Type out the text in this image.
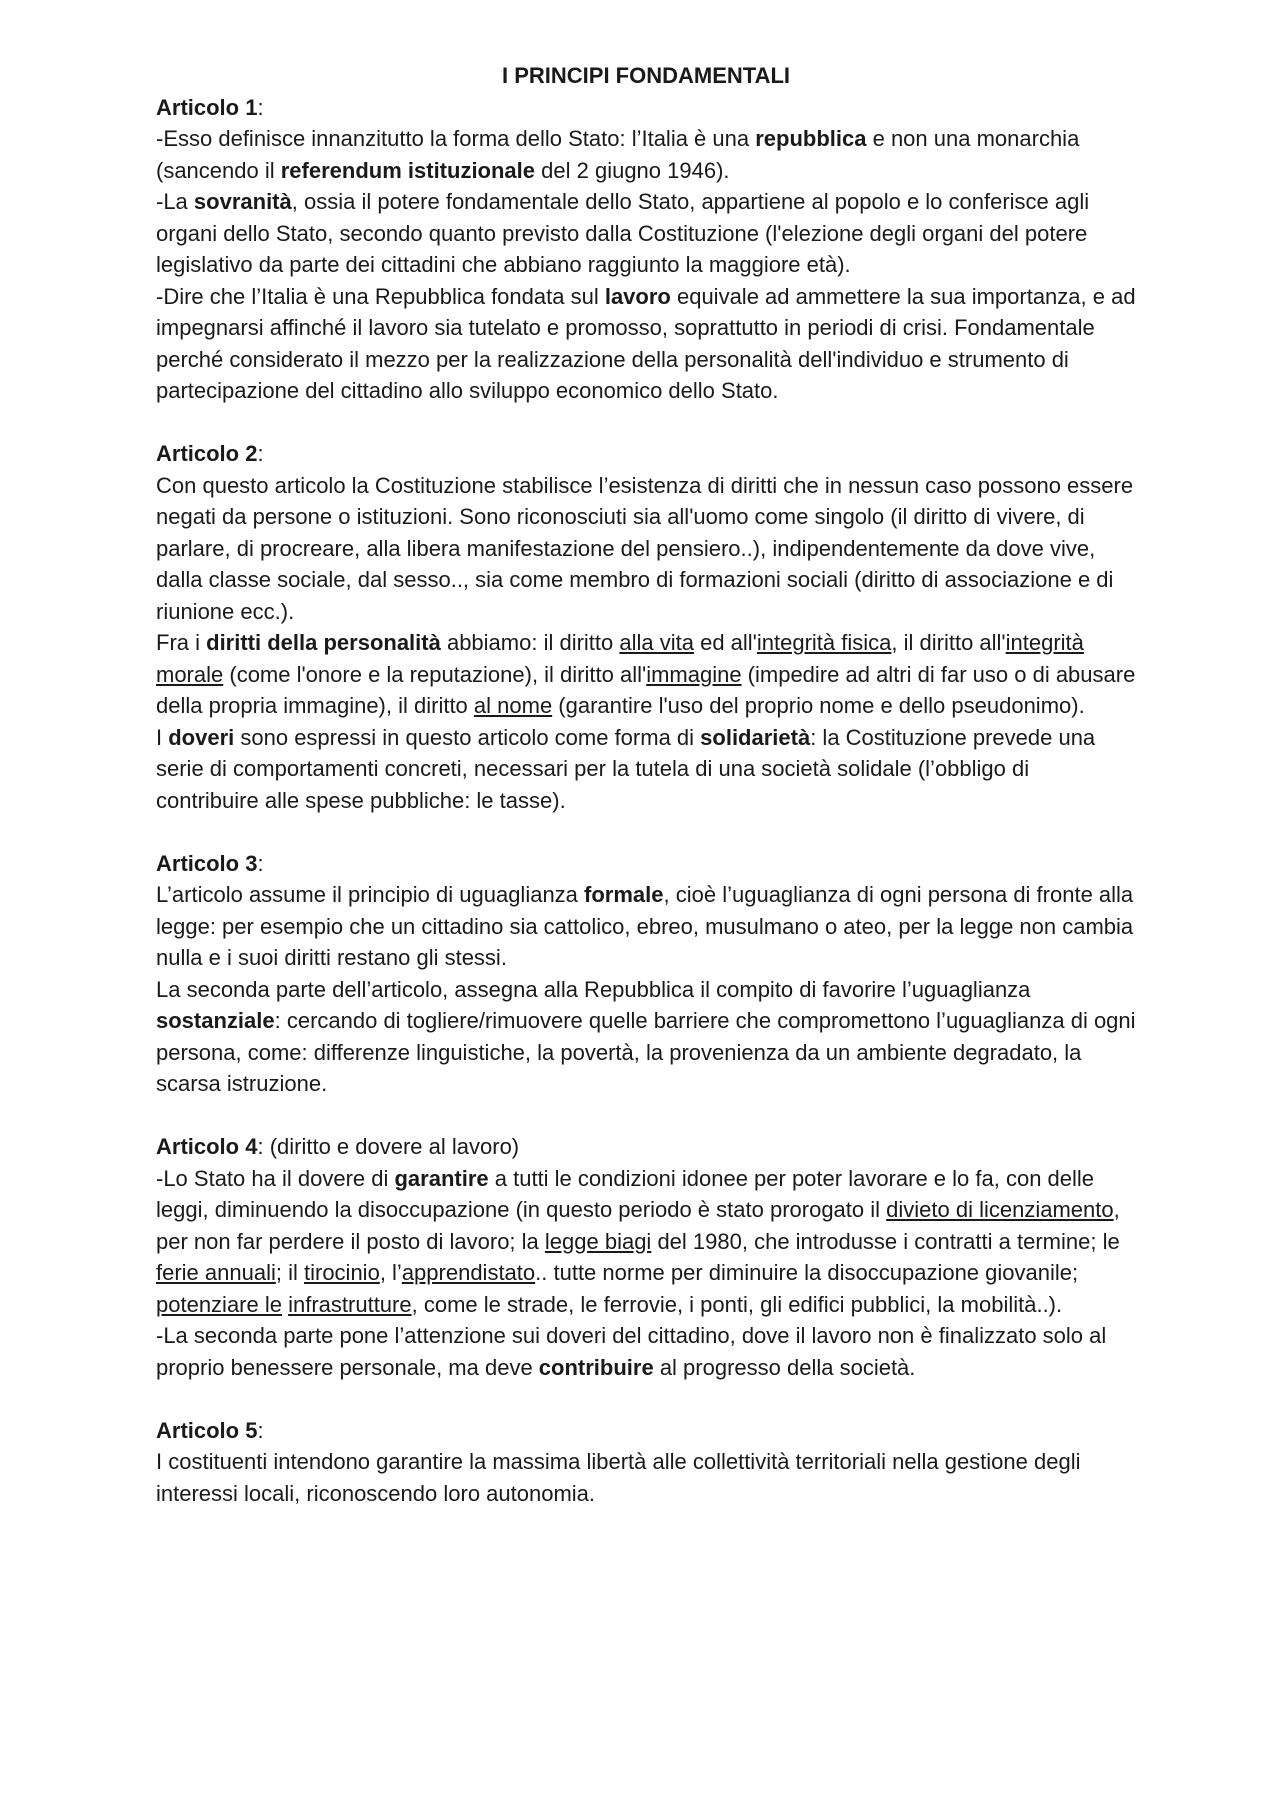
I PRINCIPI FONDAMENTALI

Articolo 1:

-Esso definisce innanzitutto la forma dello Stato: l’Italia è una repubblica e non una monarchia (sancendo il referendum istituzionale del 2 giugno 1946).

-La sovranità, ossia il potere fondamentale dello Stato, appartiene al popolo e lo conferisce agli organi dello Stato, secondo quanto previsto dalla Costituzione (l'elezione degli organi del potere legislativo da parte dei cittadini che abbiano raggiunto la maggiore età).

-Dire che l’Italia è una Repubblica fondata sul lavoro equivale ad ammettere la sua importanza, e ad impegnarsi affinché il lavoro sia tutelato e promosso, soprattutto in periodi di crisi. Fondamentale perché considerato il mezzo per la realizzazione della personalità dell'individuo e strumento di partecipazione del cittadino allo sviluppo economico dello Stato.

Articolo 2:

Con questo articolo la Costituzione stabilisce l’esistenza di diritti che in nessun caso possono essere negati da persone o istituzioni. Sono riconosciuti sia all'uomo come singolo (il diritto di vivere, di parlare, di procreare, alla libera manifestazione del pensiero..), indipendentemente da dove vive, dalla classe sociale, dal sesso.., sia come membro di formazioni sociali (diritto di associazione e di riunione ecc.).

Fra i diritti della personalità abbiamo: il diritto alla vita ed all'integrità fisica, il diritto all'integrità morale (come l'onore e la reputazione), il diritto all'immagine (impedire ad altri di far uso o di abusare della propria immagine), il diritto al nome (garantire l'uso del proprio nome e dello pseudonimo).

I doveri sono espressi in questo articolo come forma di solidarietà: la Costituzione prevede una serie di comportamenti concreti, necessari per la tutela di una società solidale (l’obbligo di contribuire alle spese pubbliche: le tasse).

Articolo 3:

L’articolo assume il principio di uguaglianza formale, cioè l’uguaglianza di ogni persona di fronte alla legge: per esempio che un cittadino sia cattolico, ebreo, musulmano o ateo, per la legge non cambia nulla e i suoi diritti restano gli stessi.

La seconda parte dell’articolo, assegna alla Repubblica il compito di favorire l’uguaglianza sostanziale: cercando di togliere/rimuovere quelle barriere che compromettono l’uguaglianza di ogni persona, come: differenze linguistiche, la povertà, la provenienza da un ambiente degradato, la scarsa istruzione.

Articolo 4: (diritto e dovere al lavoro)

-Lo Stato ha il dovere di garantire a tutti le condizioni idonee per poter lavorare e lo fa, con delle leggi, diminuendo la disoccupazione (in questo periodo è stato prorogato il divieto di licenziamento, per non far perdere il posto di lavoro; la legge biagi del 1980, che introdusse i contratti a termine; le ferie annuali; il tirocinio, l’apprendistato.. tutte norme per diminuire la disoccupazione giovanile; potenziare le infrastrutture, come le strade, le ferrovie, i ponti, gli edifici pubblici, la mobilità..).

-La seconda parte pone l’attenzione sui doveri del cittadino, dove il lavoro non è finalizzato solo al proprio benessere personale, ma deve contribuire al progresso della società.

Articolo 5:

I costituenti intendono garantire la massima libertà alle collettività territoriali nella gestione degli interessi locali, riconoscendo loro autonomia.
